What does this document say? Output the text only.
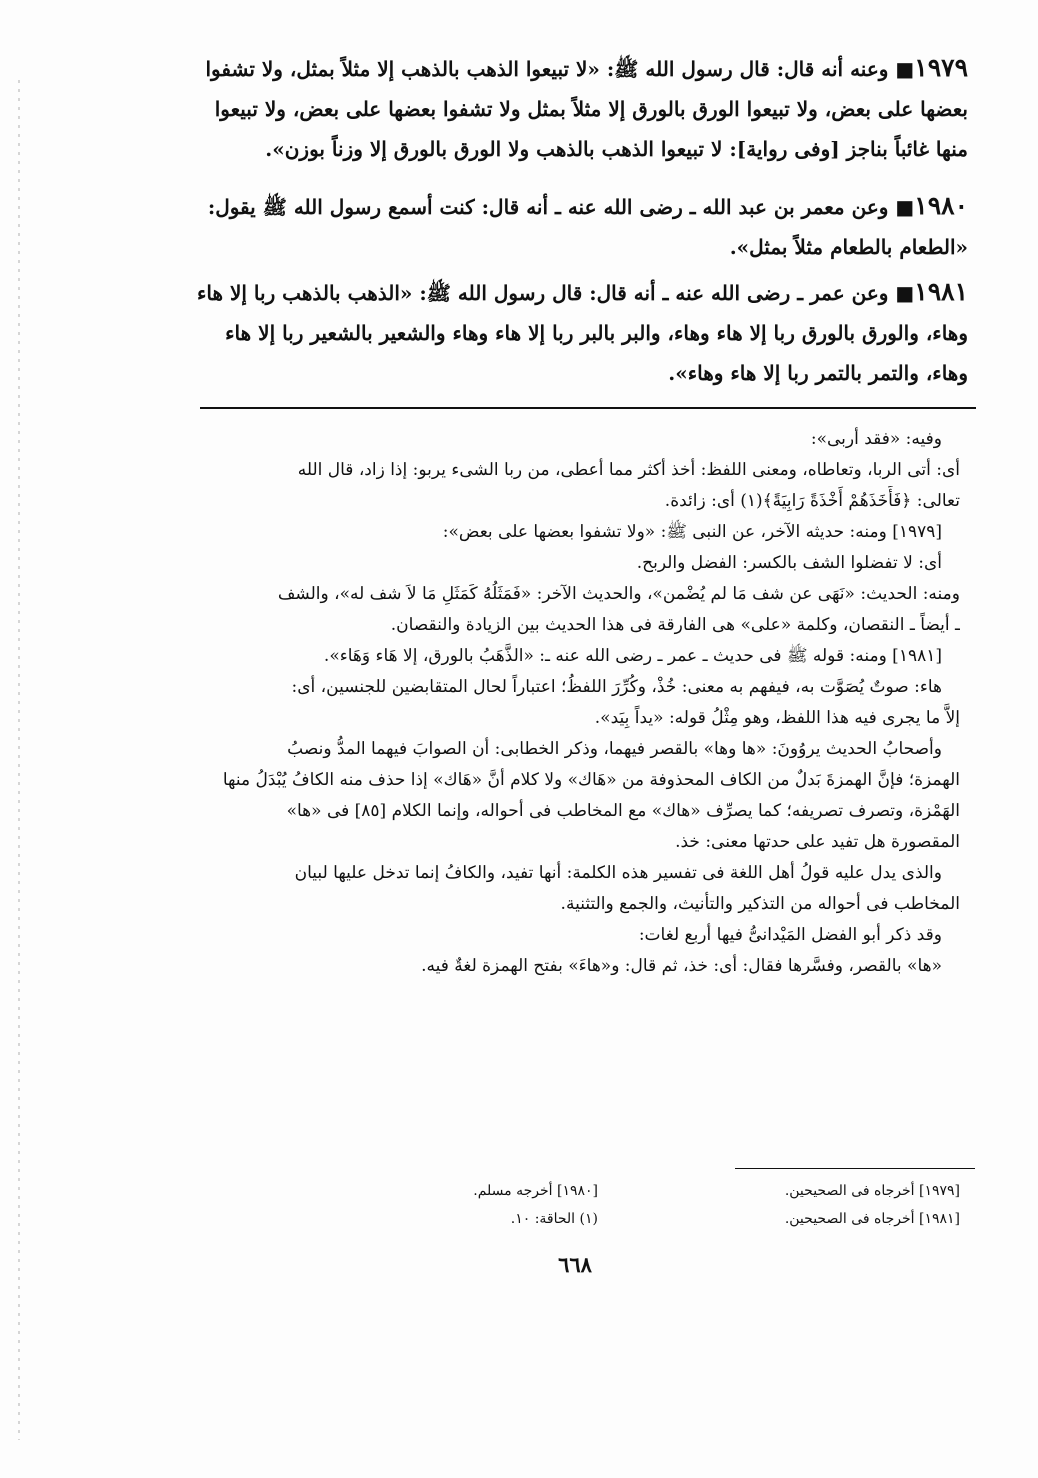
١٩٧٩■ وعنه أنه قال: قال رسول الله ﷺ: «لا تبيعوا الذهب بالذهب إلا مثلاً بمثل، ولا تشفوا
بعضها على بعض، ولا تبيعوا الورق بالورق إلا مثلاً بمثل ولا تشفوا بعضها على بعض، ولا تبيعوا
منها غائباً بناجز [وفى رواية]: لا تبيعوا الذهب بالذهب ولا الورق بالورق إلا وزناً بوزن».
١٩٨٠■ وعن معمر بن عبد الله ـ رضى الله عنه ـ أنه قال: كنت أسمع رسول الله ﷺ يقول:
«الطعام بالطعام مثلاً بمثل».
١٩٨١■ وعن عمر ـ رضى الله عنه ـ أنه قال: قال رسول الله ﷺ: «الذهب بالذهب ربا إلا هاء
وهاء، والورق بالورق ربا إلا هاء وهاء، والبر بالبر ربا إلا هاء وهاء والشعير بالشعير ربا إلا هاء
وهاء، والتمر بالتمر ربا إلا هاء وهاء».

وفيه: «فقد أربى»:

أى: أتى الربا، وتعاطاه، ومعنى اللفظ: أخذ أكثر مما أعطى، من ربا الشىء يربو: إذا زاد، قال الله

تعالى: ﴿فَأَخَذَهُمْ أَخْذَةً رَابِيَةً﴾(١) أى: زائدة.

[١٩٧٩] ومنه: حديثه الآخر، عن النبى ﷺ: «ولا تشفوا بعضها على بعض»:

أى: لا تفضلوا الشف بالكسر: الفضل والربح.

ومنه: الحديث: «نَهَى عن شف مَا لم يُضْمن»، والحديث الآخر: «فَمَثَلُهُ كَمَثَلِ مَا لاَ شف له»، والشف

ـ أيضاً ـ النقصان، وكلمة «على» هى الفارقة فى هذا الحديث بين الزيادة والنقصان.

[١٩٨١] ومنه: قوله ﷺ فى حديث ـ عمر ـ رضى الله عنه ـ: «الذَّهَبُ بالورق، إلا هَاء وَهَاء».

هاء: صوتٌ يُصَوَّت به، فيفهم به معنى: خُذْ، وكُرِّرَ اللفظُ؛ اعتباراً لحال المتقابضين للجنسين، أى:

إلاَّ ما يجرى فيه هذا اللفظ، وهو مِثْلُ قوله: «يداً بِيَد».

وأصحابُ الحديث يروُونَ: «ها وها» بالقصر فيهما، وذكر الخطابى: أن الصوابَ فيهما المدُّ ونصبُ

الهمزة؛ فإنَّ الهمزةَ بَدلٌ من الكاف المحذوفة من «هَاك» ولا كلام أنَّ «هَاك» إذا حذف منه الكافُ يُبْدَلُ منها

الهَمْزة، وتصرف تصريفه؛ كما يصرِّف «هاك» مع المخاطب فى أحواله، وإنما الكلام [٨٥] فى «ها»

المقصورة هل تفيد على حدتها معنى: خذ.

والذى يدل عليه قولُ أهل اللغة فى تفسير هذه الكلمة: أنها تفيد، والكافُ إنما تدخل عليها لبيان

المخاطب فى أحواله من التذكير والتأنيث، والجمع والتثنية.

وقد ذكر أبو الفضل المَيْدانىُّ فيها أربع لغات:

«ها» بالقصر، وفسَّرها فقال: أى: خذ، ثم قال: و«هاءَ» بفتح الهمزة لغةٌ فيه.

[١٩٧٩] أخرجاه فى الصحيحين.
[١٩٨١] أخرجاه فى الصحيحين.
[١٩٨٠] أخرجه مسلم.
(١) الحاقة: ١٠.
٦٦٨
